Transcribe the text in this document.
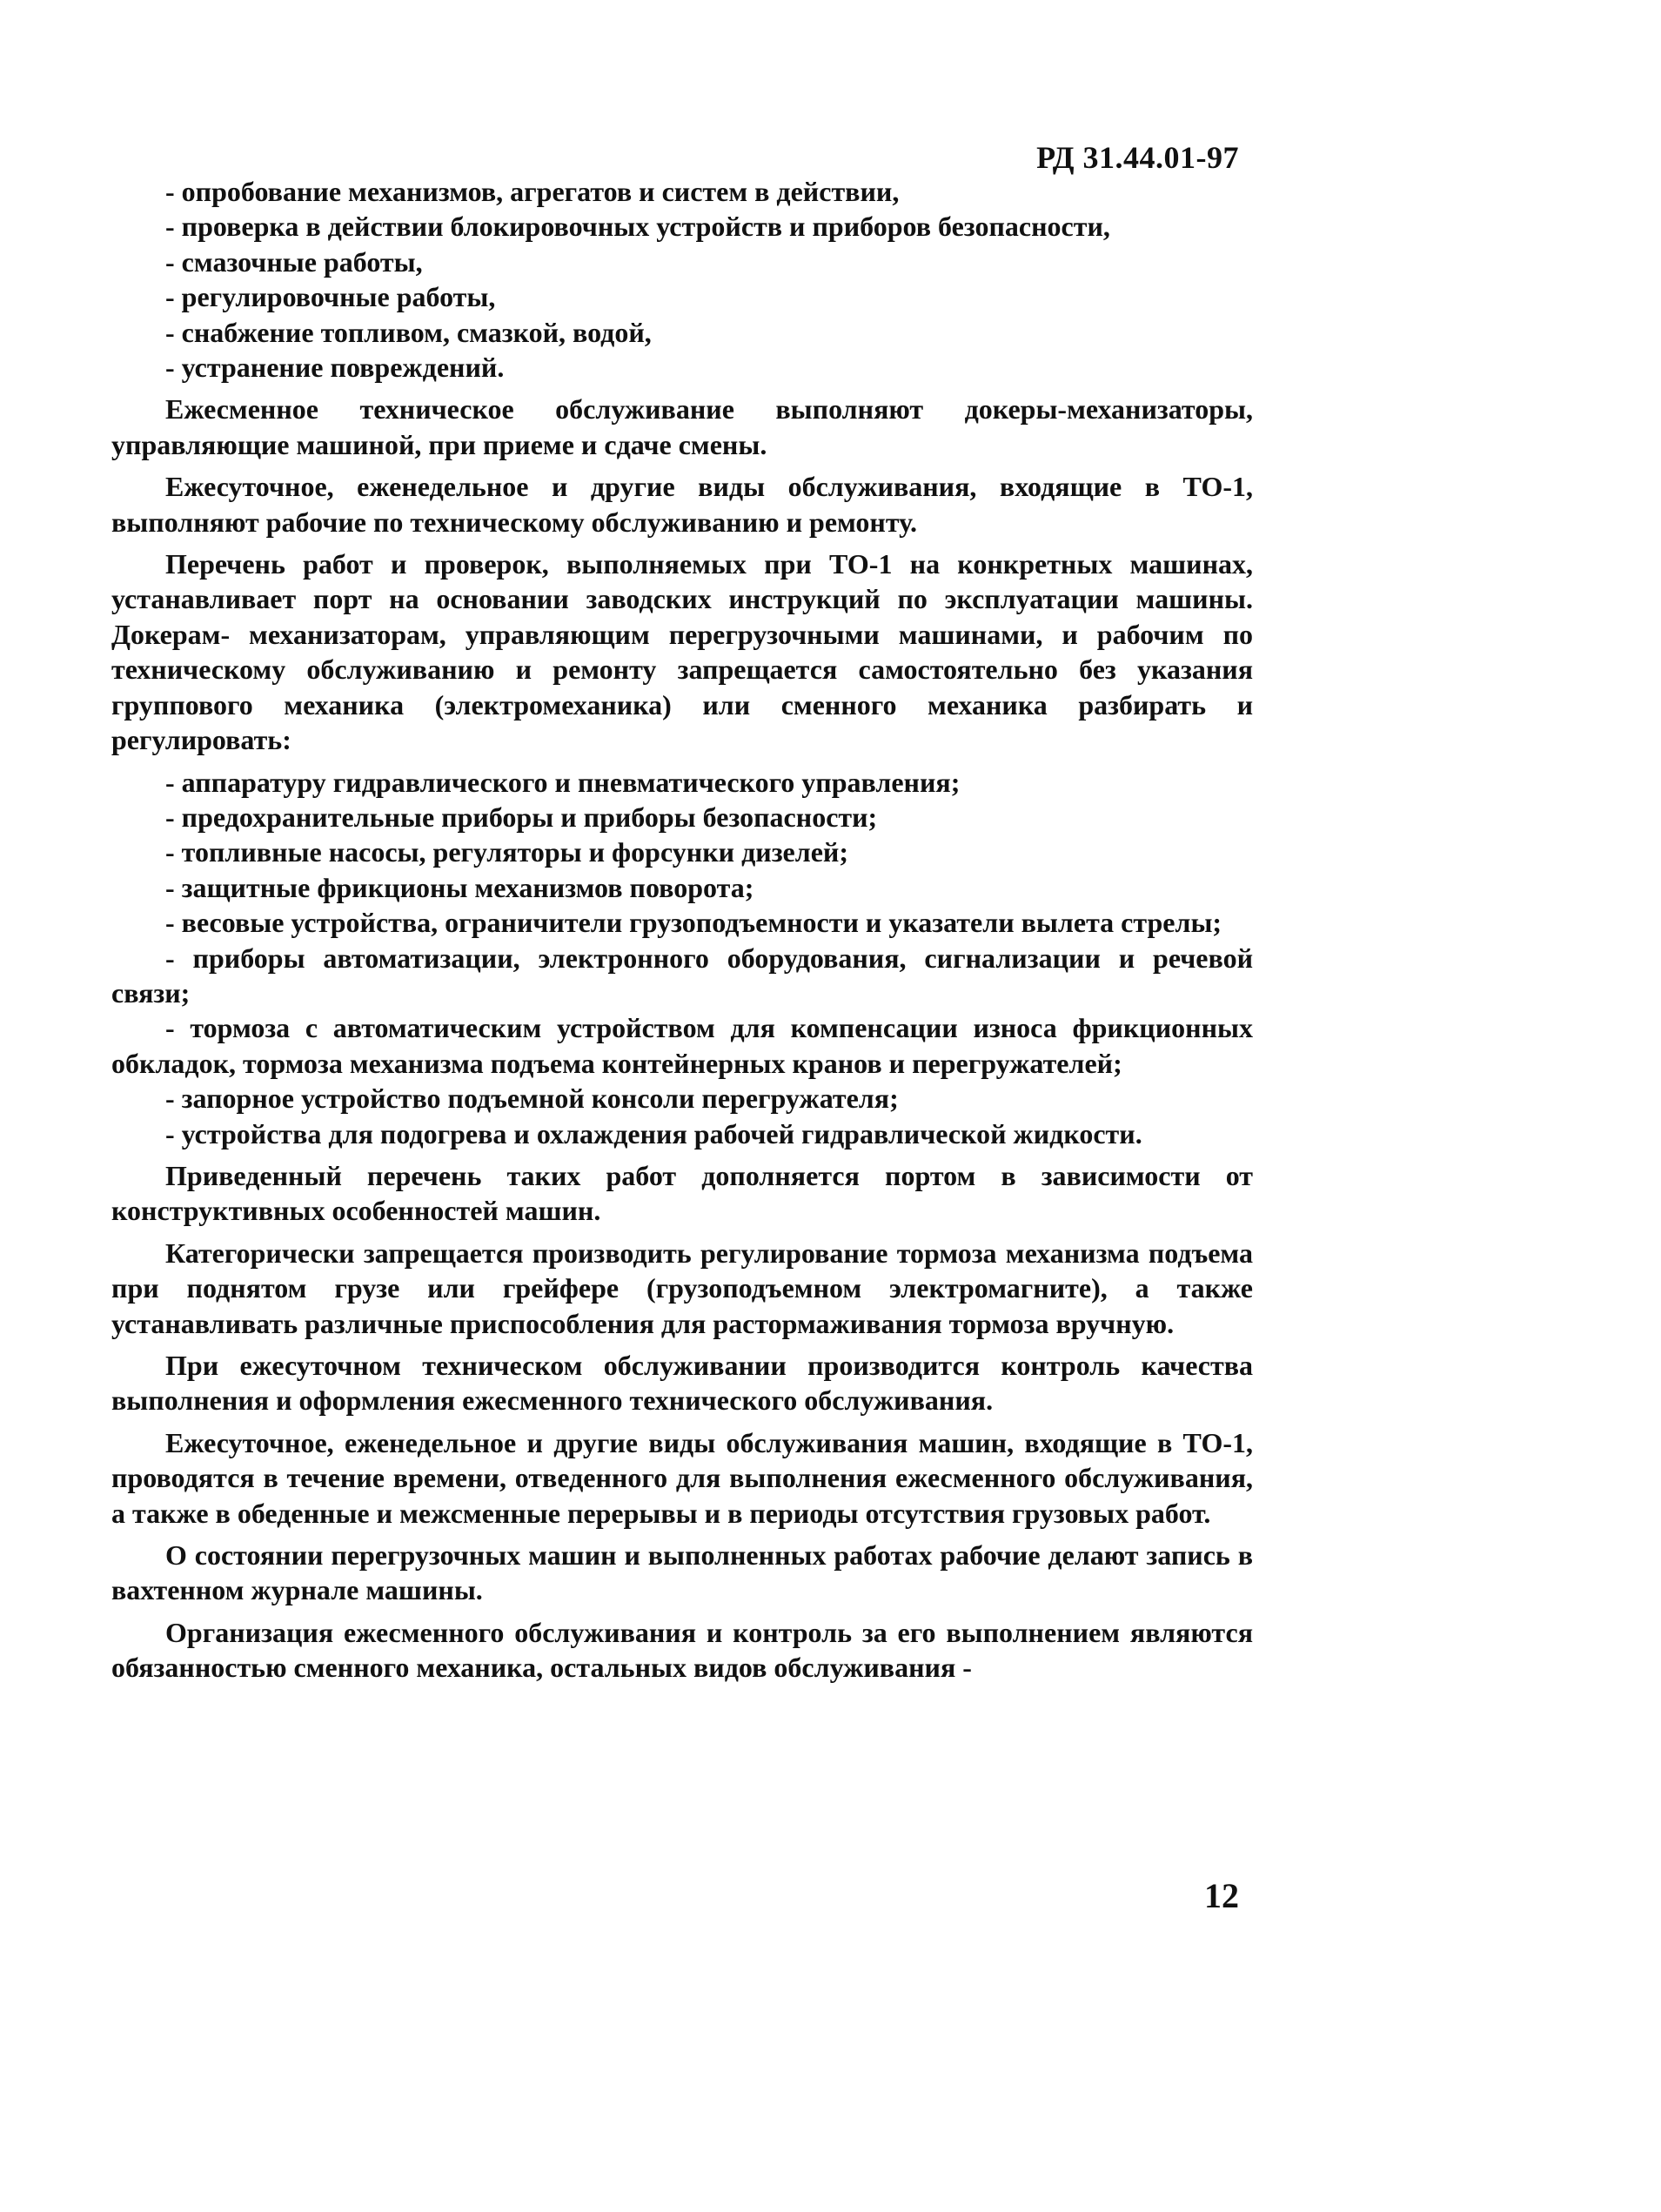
РД 31.44.01-97

- опробование механизмов, агрегатов и систем в действии,

- проверка в действии блокировочных устройств и приборов безопасности,

- смазочные работы,

- регулировочные работы,

- снабжение топливом, смазкой, водой,

- устранение повреждений.

Ежесменное техническое обслуживание выполняют докеры-механизаторы, управляющие машиной, при приеме и сдаче смены.

Ежесуточное, еженедельное и другие виды обслуживания, входящие в ТО-1, выполняют рабочие по техническому обслуживанию и ремонту.

Перечень работ и проверок, выполняемых при ТО-1 на конкретных машинах, устанавливает порт на основании заводских инструкций по эксплуатации машины. Докерам- механизаторам, управляющим перегрузочными машинами, и рабочим по техническому обслуживанию и ремонту запрещается самостоятельно без указания группового механика (электромеханика) или сменного механика разбирать и регулировать:

- аппаратуру гидравлического и пневматического управления;

- предохранительные приборы и приборы безопасности;

- топливные насосы, регуляторы и форсунки дизелей;

- защитные фрикционы механизмов поворота;

- весовые устройства, ограничители грузоподъемности и указатели вылета стрелы;

- приборы автоматизации, электронного оборудования, сигнализации и речевой связи;

- тормоза с автоматическим устройством для компенсации износа фрикционных обкладок, тормоза механизма подъема контейнерных кранов и перегружателей;

- запорное устройство подъемной консоли перегружателя;

- устройства для подогрева и охлаждения рабочей гидравлической жидкости.

Приведенный перечень таких работ дополняется портом в зависимости от конструктивных особенностей машин.

Категорически запрещается производить регулирование тормоза механизма подъема при поднятом грузе или грейфере (грузоподъемном электромагните), а также устанавливать различные приспособления для растормаживания тормоза вручную.

При ежесуточном техническом обслуживании производится контроль качества выполнения и оформления ежесменного технического обслуживания.

Ежесуточное, еженедельное и другие виды обслуживания машин, входящие в ТО-1, проводятся в течение времени, отведенного для выполнения ежесменного обслуживания, а также в обеденные и межсменные перерывы и в периоды отсутствия грузовых работ.

О состоянии перегрузочных машин и выполненных работах рабочие делают запись в вахтенном журнале машины.

Организация ежесменного обслуживания и контроль за его выполнением являются обязанностью сменного механика, остальных видов обслуживания -

12
